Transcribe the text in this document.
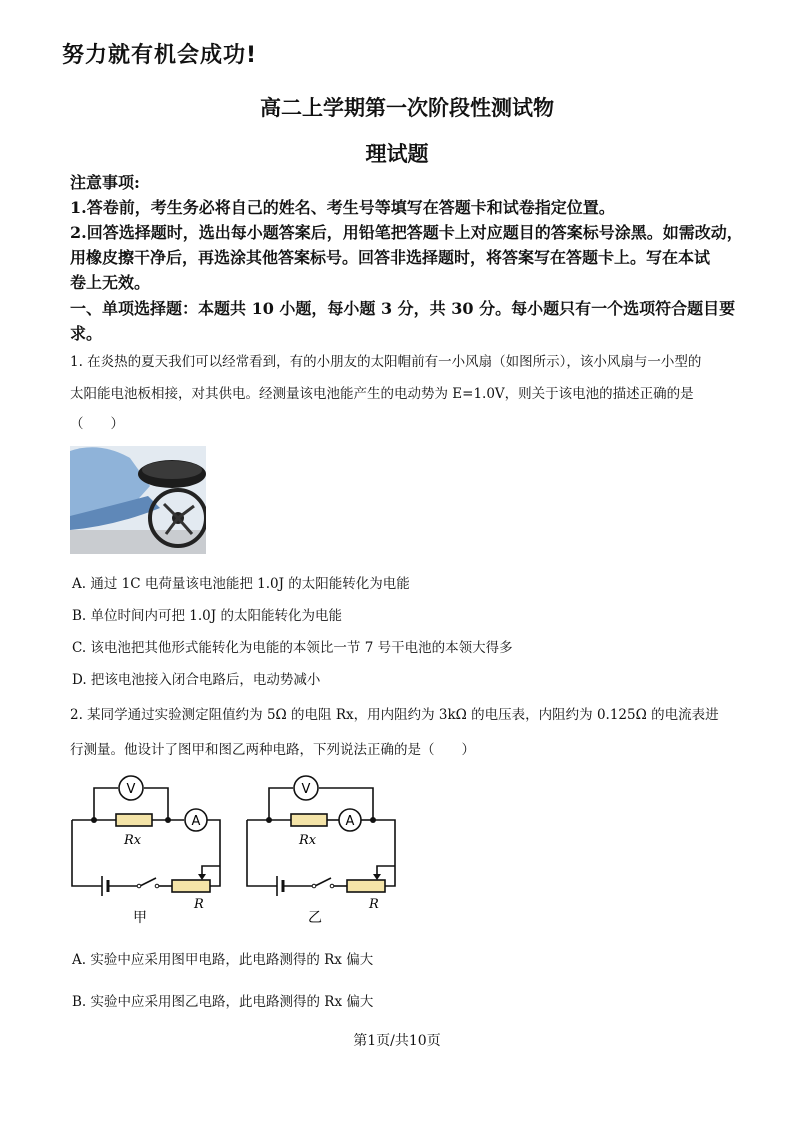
努力就有机会成功!
高二上学期第一次阶段性测试物
理试题
注意事项:
1.答卷前，考生务必将自己的姓名、考生号等填写在答题卡和试卷指定位置。
2.回答选择题时，选出每小题答案后，用铅笔把答题卡上对应题目的答案标号涂黑。如需改动，
用橡皮擦干净后，再选涂其他答案标号。回答非选择题时，将答案写在答题卡上。写在本试
卷上无效。
一、单项选择题：本题共 10 小题，每小题 3 分，共 30 分。每小题只有一个选项符合题目要
求。
1. 在炎热的夏天我们可以经常看到，有的小朋友的太阳帽前有一小风扇（如图所示），该小风扇与一小型的
太阳能电池板相接，对其供电。经测量该电池能产生的电动势为 E=1.0V，则关于该电池的描述正确的是
（　　）
A. 通过 1C 电荷量该电池能把 1.0J 的太阳能转化为电能
B. 单位时间内可把 1.0J 的太阳能转化为电能
C. 该电池把其他形式能转化为电能的本领比一节 7 号干电池的本领大得多
D. 把该电池接入闭合电路后，电动势减小
2. 某同学通过实验测定阻值约为 5Ω 的电阻 Rx，用内阻约为 3kΩ 的电压表，内阻约为 0.125Ω 的电流表进
行测量。他设计了图甲和图乙两种电路，下列说法正确的是（　　）
V
A
Rx
R
甲
V
A
Rx
R
乙
A. 实验中应采用图甲电路，此电路测得的 Rx 偏大
B. 实验中应采用图乙电路，此电路测得的 Rx 偏大
第1页/共10页
